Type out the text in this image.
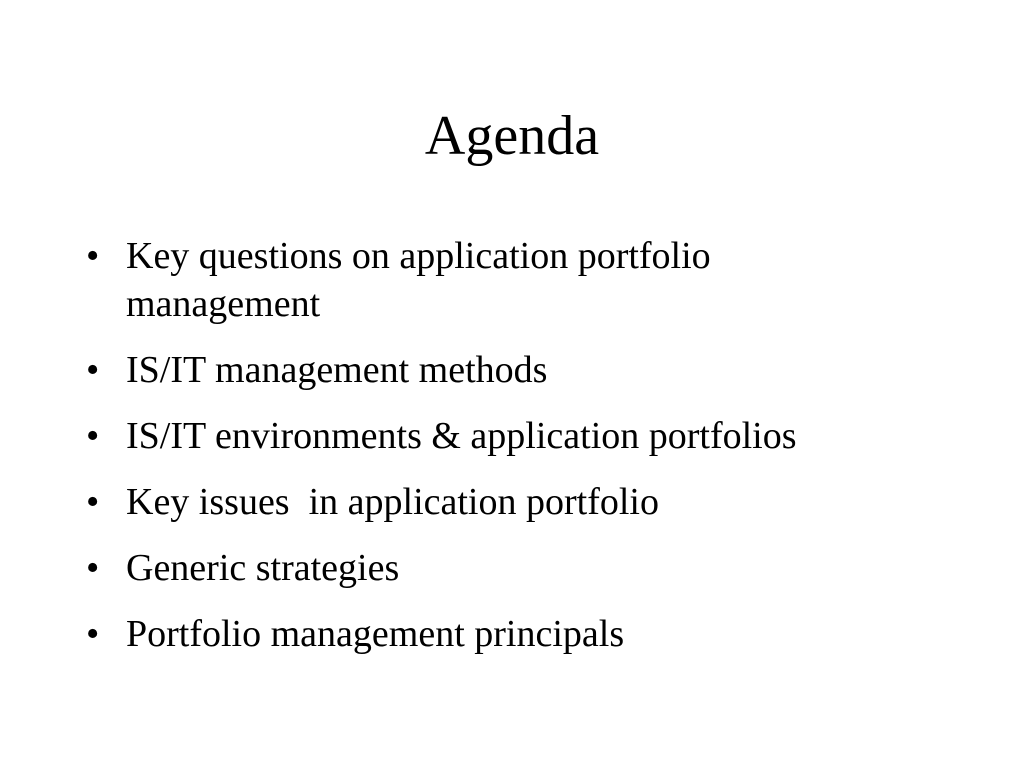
Agenda
• Key questions on application portfolio management
• IS/IT management methods
• IS/IT environments & application portfolios
• Key issues  in application portfolio
• Generic strategies
• Portfolio management principals
